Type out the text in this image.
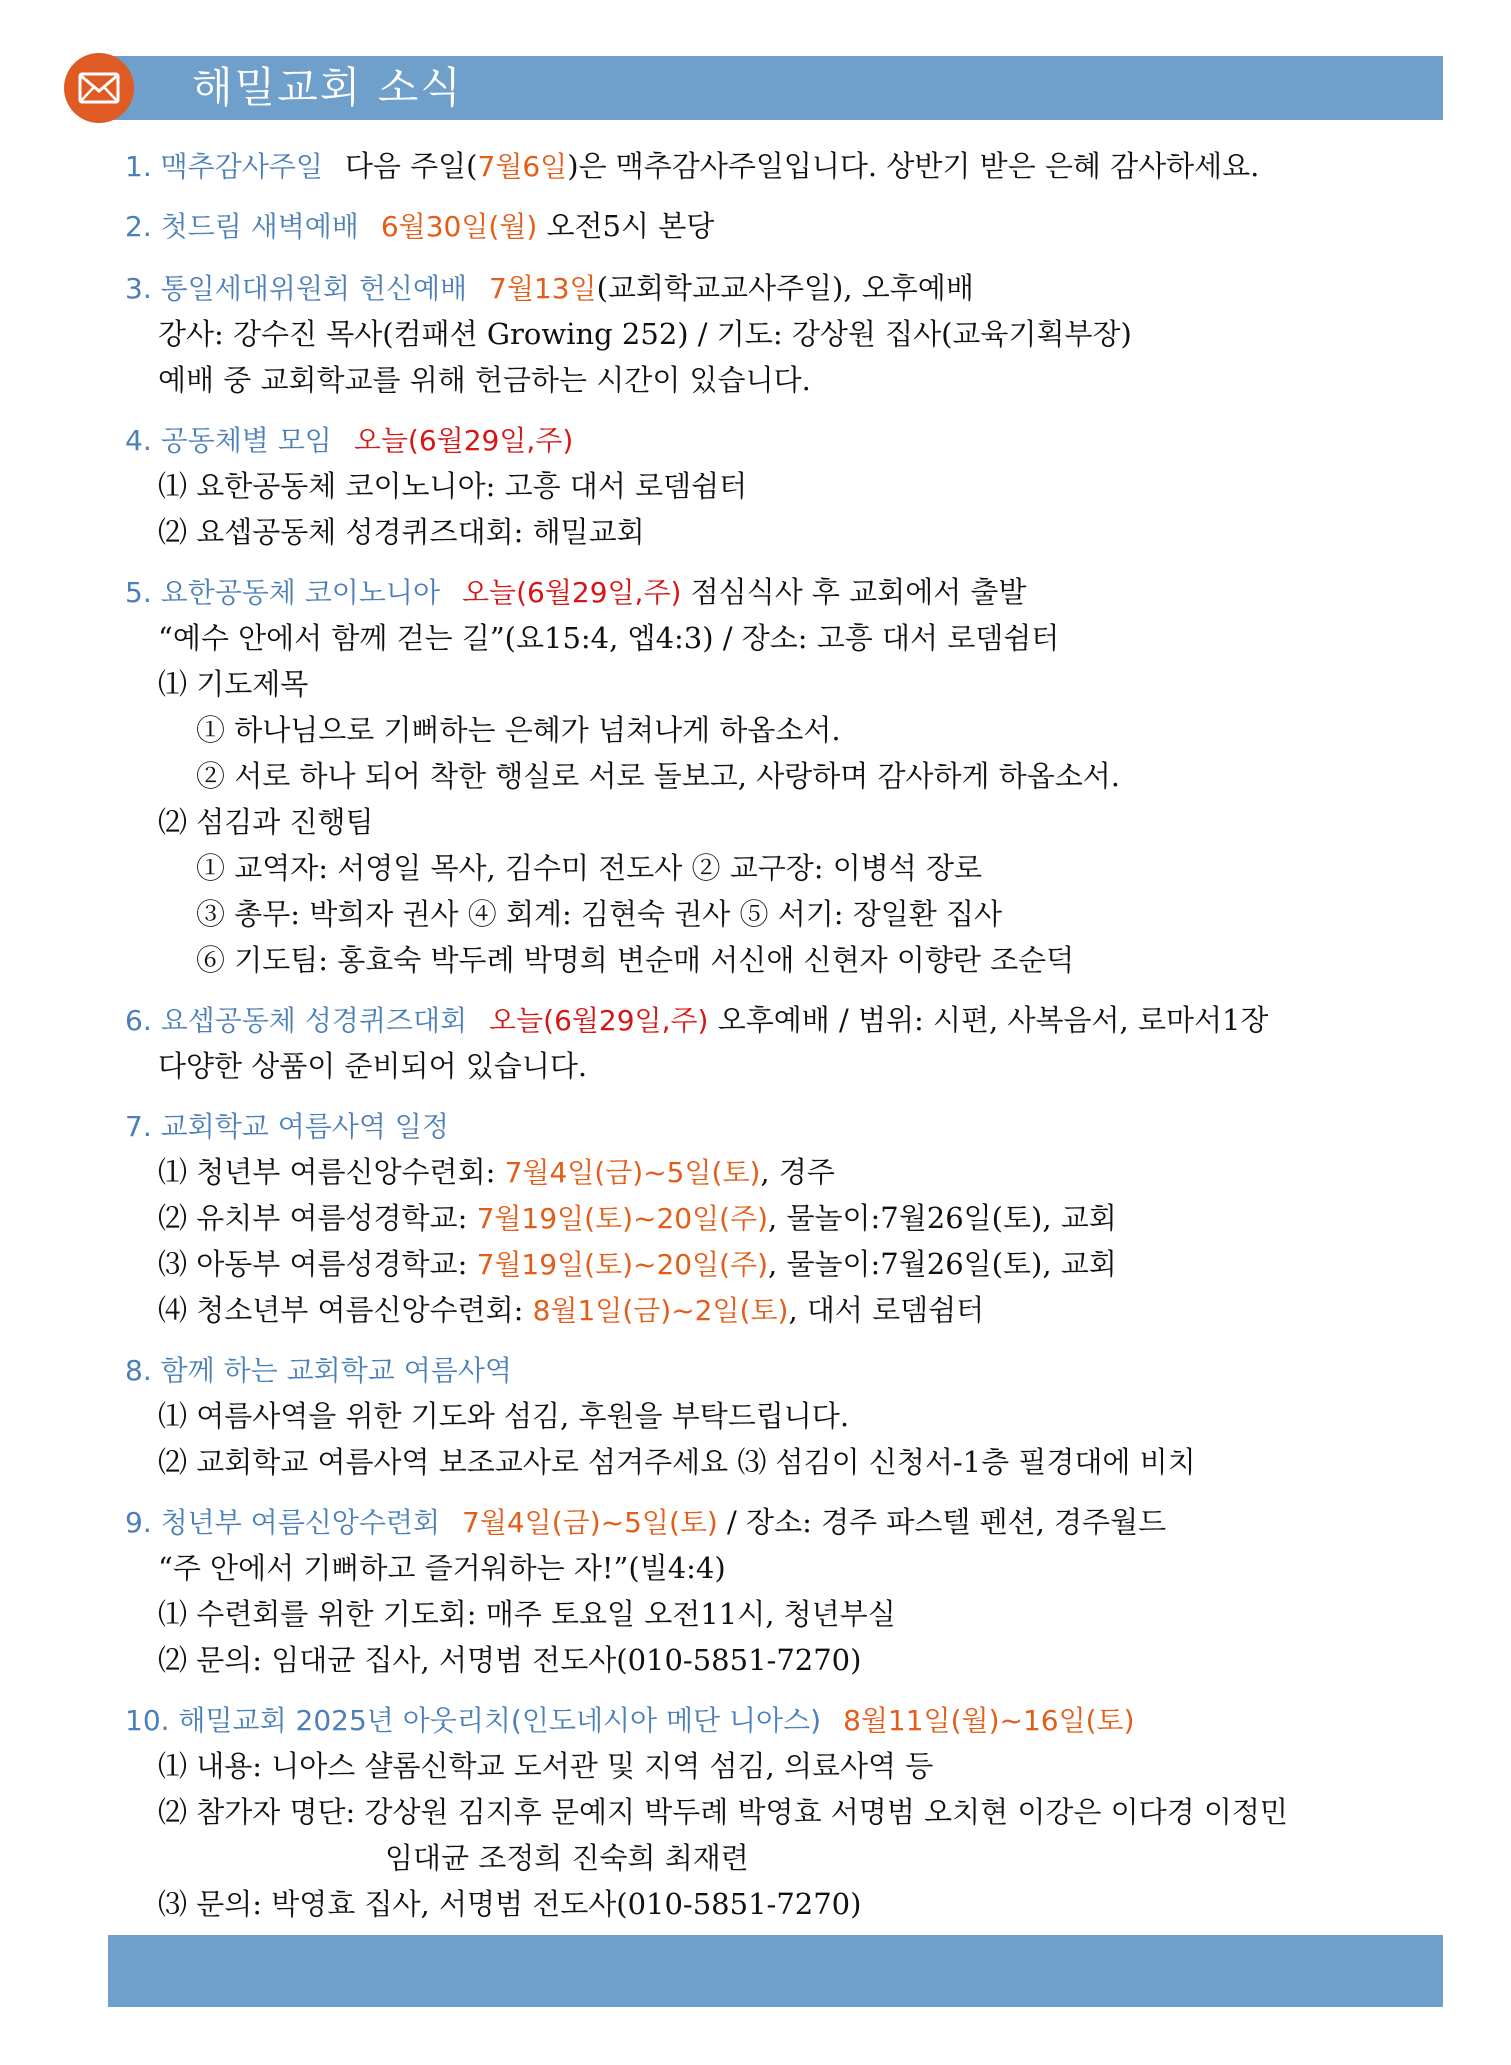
해밀교회 소식
1. 맥추감사주일 다음 주일(7월6일)은 맥추감사주일입니다. 상반기 받은 은혜 감사하세요.
2. 첫드림 새벽예배 6월30일(월) 오전5시 본당
3. 통일세대위원회 헌신예배 7월13일(교회학교교사주일), 오후예배
강사: 강수진 목사(컴패션 Growing 252) / 기도: 강상원 집사(교육기획부장)
예배 중 교회학교를 위해 헌금하는 시간이 있습니다.
4. 공동체별 모임 오늘(6월29일,주)
⑴ 요한공동체 코이노니아: 고흥 대서 로뎀쉼터
⑵ 요셉공동체 성경퀴즈대회: 해밀교회
5. 요한공동체 코이노니아 오늘(6월29일,주) 점심식사 후 교회에서 출발
“예수 안에서 함께 걷는 길”(요15:4, 엡4:3) / 장소: 고흥 대서 로뎀쉼터
⑴ 기도제목
① 하나님으로 기뻐하는 은혜가 넘쳐나게 하옵소서.
② 서로 하나 되어 착한 행실로 서로 돌보고, 사랑하며 감사하게 하옵소서.
⑵ 섬김과 진행팀
① 교역자: 서영일 목사, 김수미 전도사 ② 교구장: 이병석 장로
③ 총무: 박희자 권사 ④ 회계: 김현숙 권사 ⑤ 서기: 장일환 집사
⑥ 기도팀: 홍효숙 박두례 박명희 변순매 서신애 신현자 이향란 조순덕
6. 요셉공동체 성경퀴즈대회 오늘(6월29일,주) 오후예배 / 범위: 시편, 사복음서, 로마서1장
다양한 상품이 준비되어 있습니다.
7. 교회학교 여름사역 일정
⑴ 청년부 여름신앙수련회: 7월4일(금)~5일(토), 경주
⑵ 유치부 여름성경학교: 7월19일(토)~20일(주), 물놀이:7월26일(토), 교회
⑶ 아동부 여름성경학교: 7월19일(토)~20일(주), 물놀이:7월26일(토), 교회
⑷ 청소년부 여름신앙수련회: 8월1일(금)~2일(토), 대서 로뎀쉼터
8. 함께 하는 교회학교 여름사역
⑴ 여름사역을 위한 기도와 섬김, 후원을 부탁드립니다.
⑵ 교회학교 여름사역 보조교사로 섬겨주세요 ⑶ 섬김이 신청서-1층 필경대에 비치
9. 청년부 여름신앙수련회 7월4일(금)~5일(토) / 장소: 경주 파스텔 펜션, 경주월드
“주 안에서 기뻐하고 즐거워하는 자!”(빌4:4)
⑴ 수련회를 위한 기도회: 매주 토요일 오전11시, 청년부실
⑵ 문의: 임대균 집사, 서명범 전도사(010-5851-7270)
10. 해밀교회 2025년 아웃리치(인도네시아 메단 니아스) 8월11일(월)~16일(토)
⑴ 내용: 니아스 샬롬신학교 도서관 및 지역 섬김, 의료사역 등
⑵ 참가자 명단: 강상원 김지후 문예지 박두례 박영효 서명범 오치현 이강은 이다경 이정민
임대균 조정희 진숙희 최재련
⑶ 문의: 박영효 집사, 서명범 전도사(010-5851-7270)
